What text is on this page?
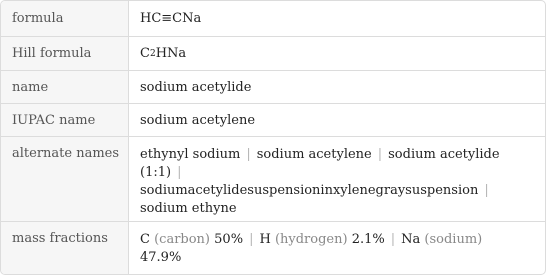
formula	HC≡CNa
Hill formula	C 2 HNa
name	sodium acetylide
IUPAC name	sodium acetylene
alternate names	ethynyl sodium | sodium acetylene | sodium acetylide (1:1) |
sodiumacetylidesuspensioninxylenegraysuspension |
sodium ethyne
mass fractions	C (carbon) 50% | H (hydrogen) 2.1% | Na (sodium)
47.9%
